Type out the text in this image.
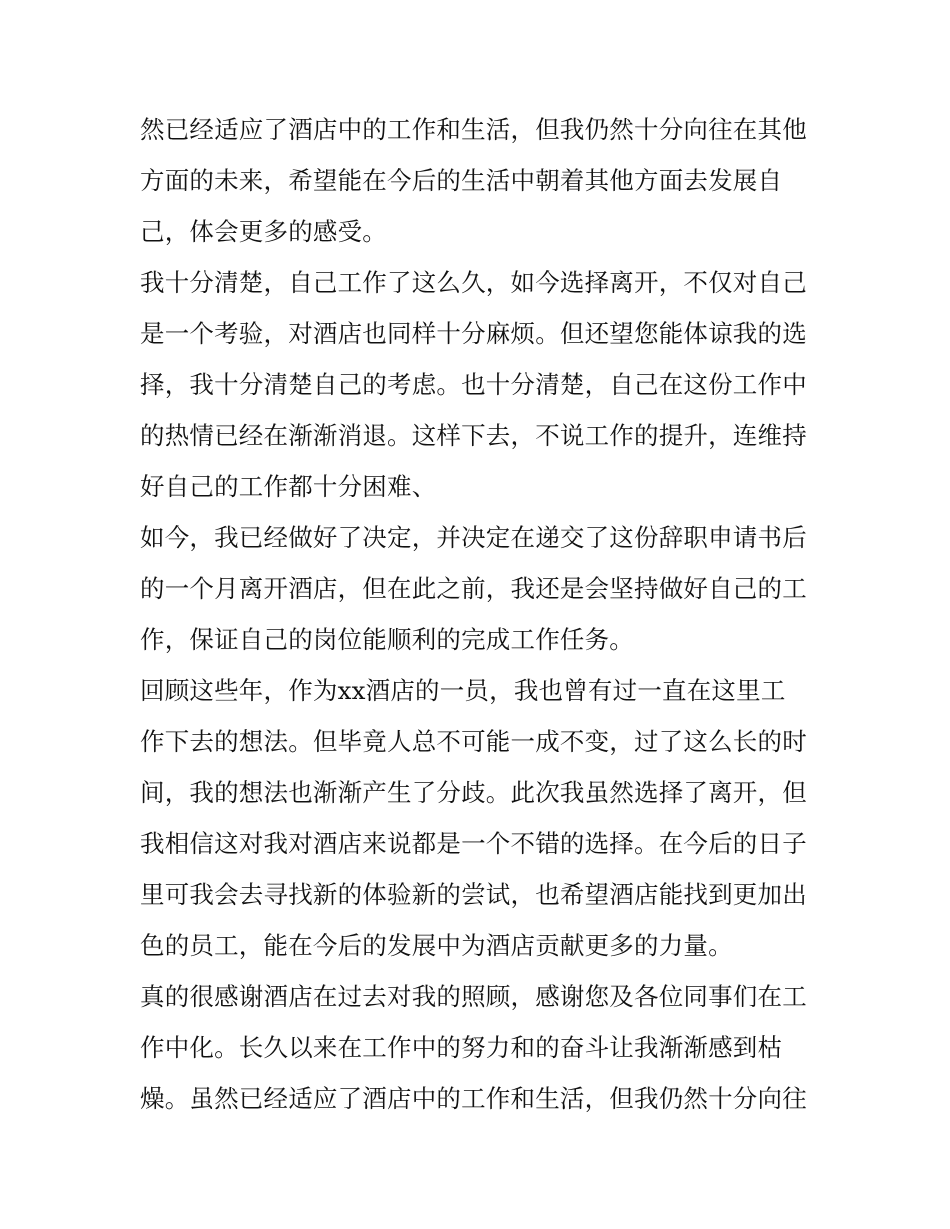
然已经适应了酒店中的工作和生活，但我仍然十分向往在其他
方面的未来，希望能在今后的生活中朝着其他方面去发展自
己，体会更多的感受。

我十分清楚，自己工作了这么久，如今选择离开，不仅对自己
是一个考验，对酒店也同样十分麻烦。但还望您能体谅我的选
择，我十分清楚自己的考虑。也十分清楚，自己在这份工作中
的热情已经在渐渐消退。这样下去，不说工作的提升，连维持
好自己的工作都十分困难、

如今，我已经做好了决定，并决定在递交了这份辞职申请书后
的一个月离开酒店，但在此之前，我还是会坚持做好自己的工
作，保证自己的岗位能顺利的完成工作任务。

回顾这些年，作为xx酒店的一员，我也曾有过一直在这里工
作下去的想法。但毕竟人总不可能一成不变，过了这么长的时
间，我的想法也渐渐产生了分歧。此次我虽然选择了离开，但
我相信这对我对酒店来说都是一个不错的选择。在今后的日子
里可我会去寻找新的体验新的尝试，也希望酒店能找到更加出
色的员工，能在今后的发展中为酒店贡献更多的力量。

真的很感谢酒店在过去对我的照顾，感谢您及各位同事们在工
作中化。长久以来在工作中的努力和的奋斗让我渐渐感到枯
燥。虽然已经适应了酒店中的工作和生活，但我仍然十分向往
